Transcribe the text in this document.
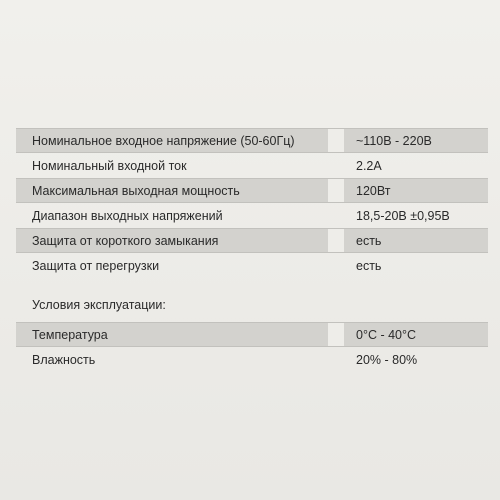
Номинальное входное напряжение (50-60Гц)	~110В - 220В
Номинальный входной ток	2.2А
Максимальная выходная мощность	120Вт
Диапазон выходных напряжений	18,5-20В ±0,95В
Защита от короткого замыкания	есть
Защита от перегрузки	есть
Условия эксплуатации:
Температура	0°С - 40°С
Влажность	20% - 80%
